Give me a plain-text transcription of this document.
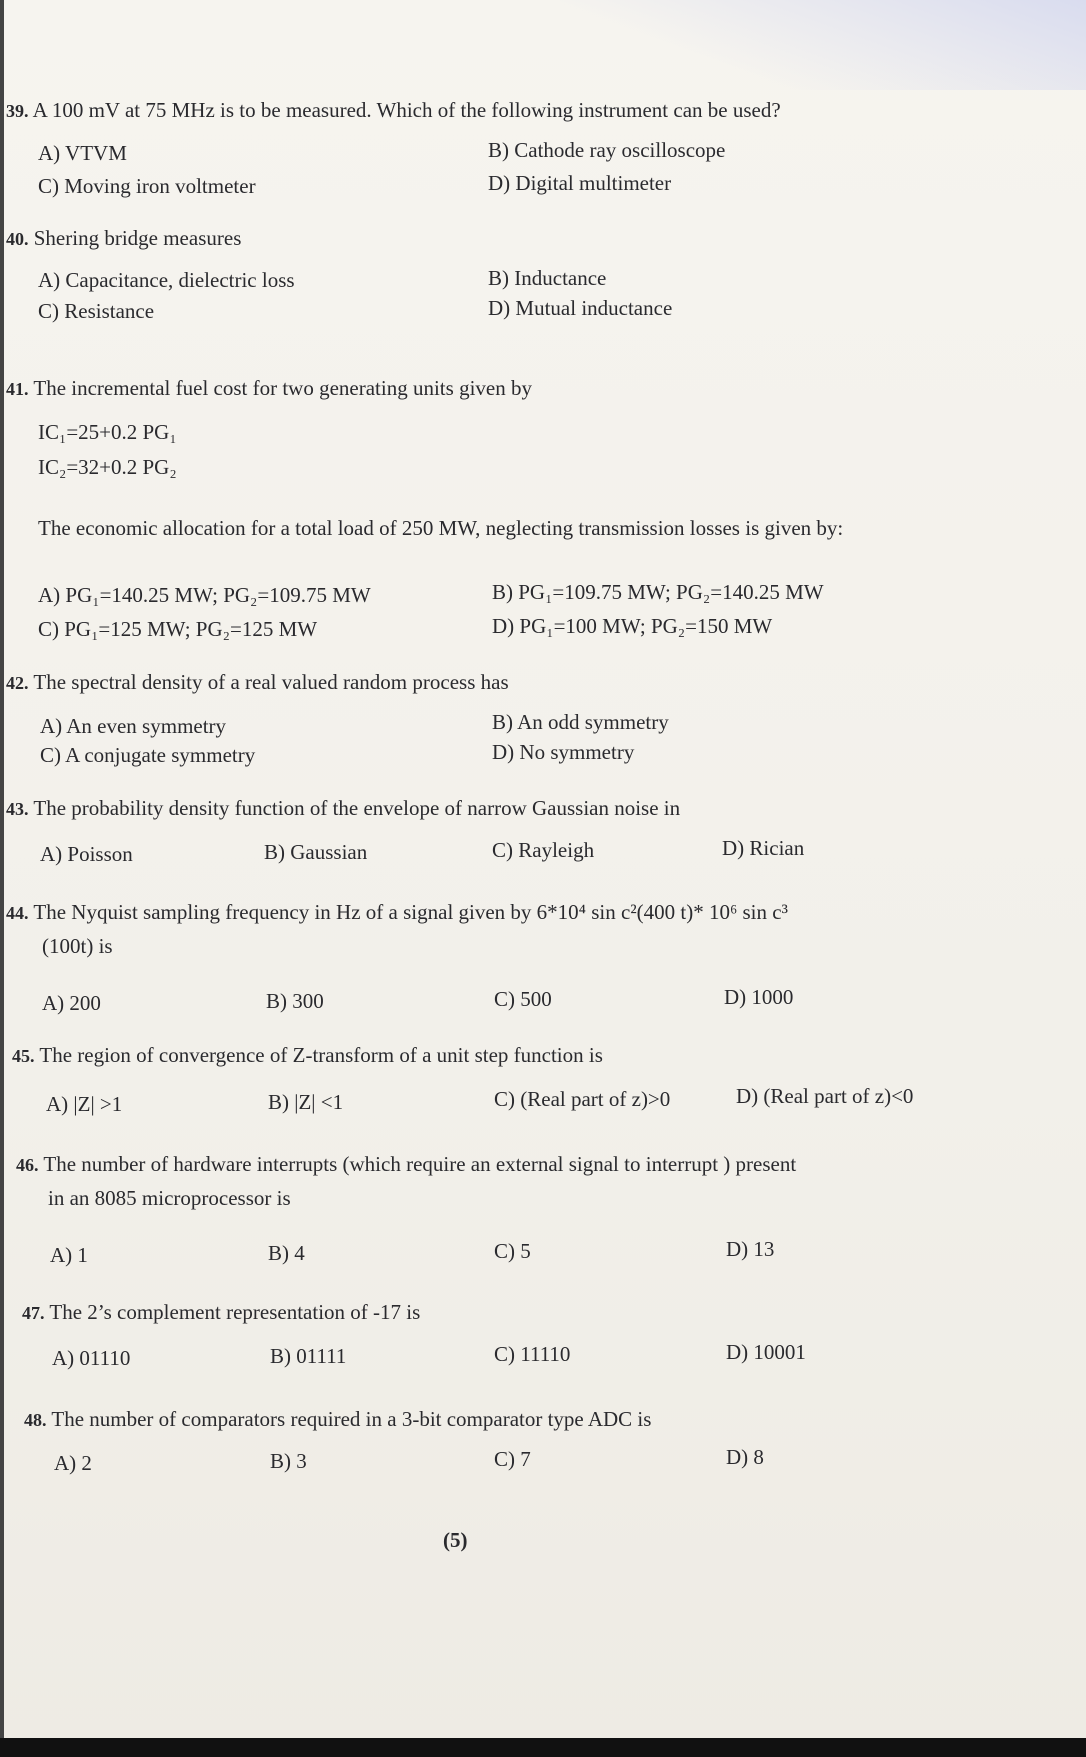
39. A 100 mV at 75 MHz is to be measured. Which of the following instrument can be used?
A) VTVM	B) Cathode ray oscilloscope
C) Moving iron voltmeter	D) Digital multimeter
40. Shering bridge measures
A) Capacitance, dielectric loss	B) Inductance
C) Resistance	D) Mutual inductance
41. The incremental fuel cost for two generating units given by
IC₁=25+0.2 PG₁
IC₂=32+0.2 PG₂
The economic allocation for a total load of 250 MW, neglecting transmission losses is given by:
A) PG₁=140.25 MW; PG₂=109.75 MW	B) PG₁=109.75 MW; PG₂=140.25 MW
C) PG₁=125 MW; PG₂=125 MW	D) PG₁=100 MW; PG₂=150 MW
42. The spectral density of a real valued random process has
A) An even symmetry	B) An odd symmetry
C) A conjugate symmetry	D) No symmetry
43. The probability density function of the envelope of narrow Gaussian noise in
A) Poisson	B) Gaussian	C) Rayleigh	D) Rician
44. The Nyquist sampling frequency in Hz of a signal given by 6*10⁴ sin c²(400 t)* 10⁶ sin c³
(100t) is
A) 200	B) 300	C) 500	D) 1000
45. The region of convergence of Z-transform of a unit step function is
A) |Z| >1	B) |Z| <1	C) (Real part of z)>0	D) (Real part of z)<0
46. The number of hardware interrupts (which require an external signal to interrupt ) present
in an 8085 microprocessor is
A) 1	B) 4	C) 5	D) 13
47. The 2’s complement representation of -17 is
A) 01110	B) 01111	C) 11110	D) 10001
48. The number of comparators required in a 3-bit comparator type ADC is
A) 2	B) 3	C) 7	D) 8
(5)
